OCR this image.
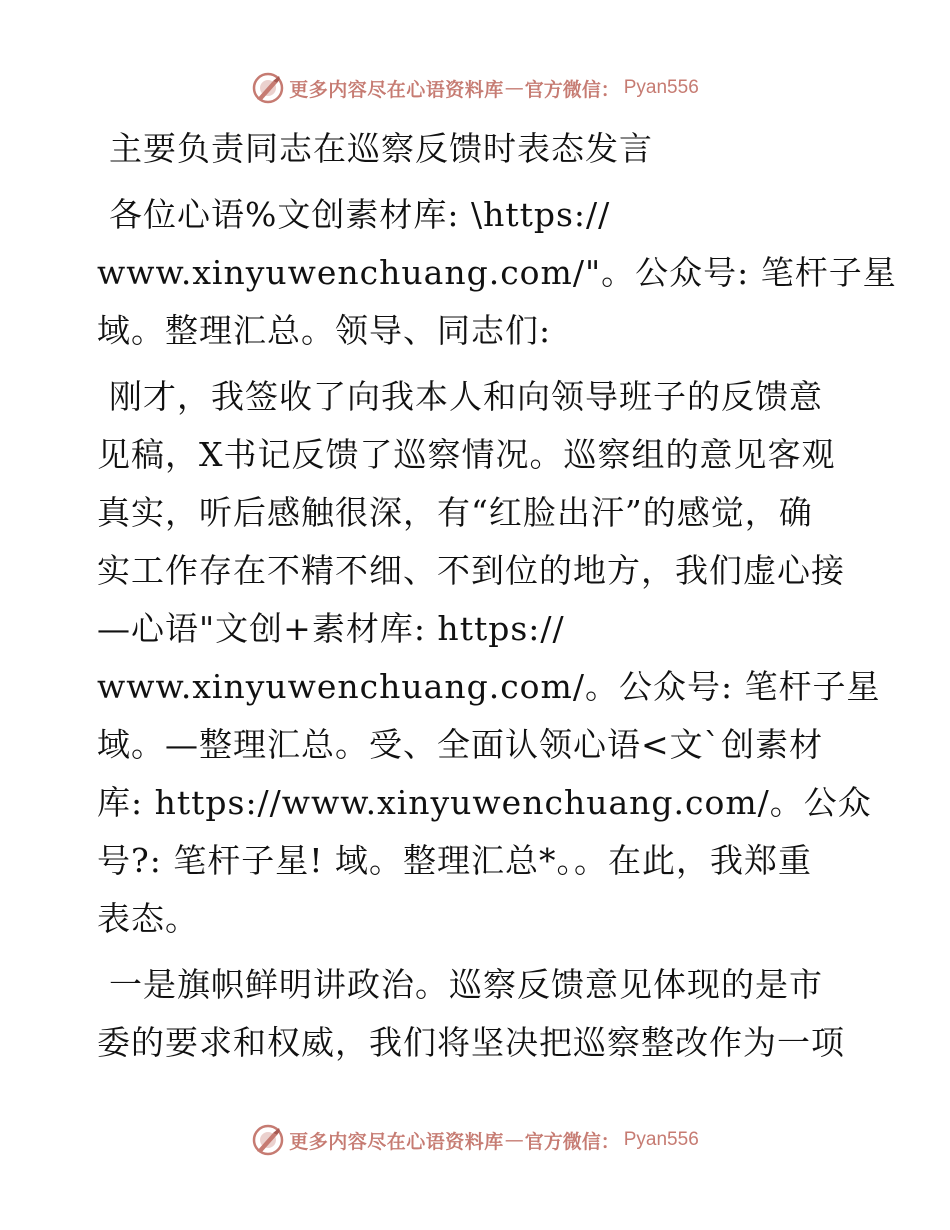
更多内容尽在心语资料库 — 官方微信： Pyan556
主要负责同志在巡察反馈时表态发言
各位心语%文创素材库: \https://
www.xinyuwenchuang.com/"。公众号: 笔杆子星
域。整理汇总。领导、同志们:
刚才，我签收了向我本人和向领导班子的反馈意
见稿，X书记反馈了巡察情况。巡察组的意见客观
真实，听后感触很深，有“红脸出汗”的感觉，确
实工作存在不精不细、不到位的地方，我们虚心接
—心语"文创+素材库: https://
www.xinyuwenchuang.com/。公众号: 笔杆子星
域。—整理汇总。受、全面认领心语<文`创素材
库: https://www.xinyuwenchuang.com/。公众
号?: 笔杆子星! 域。整理汇总*。。在此，我郑重
表态。
一是旗帜鲜明讲政治。巡察反馈意见体现的是市
委的要求和权威，我们将坚决把巡察整改作为一项
更多内容尽在心语资料库 — 官方微信： Pyan556
